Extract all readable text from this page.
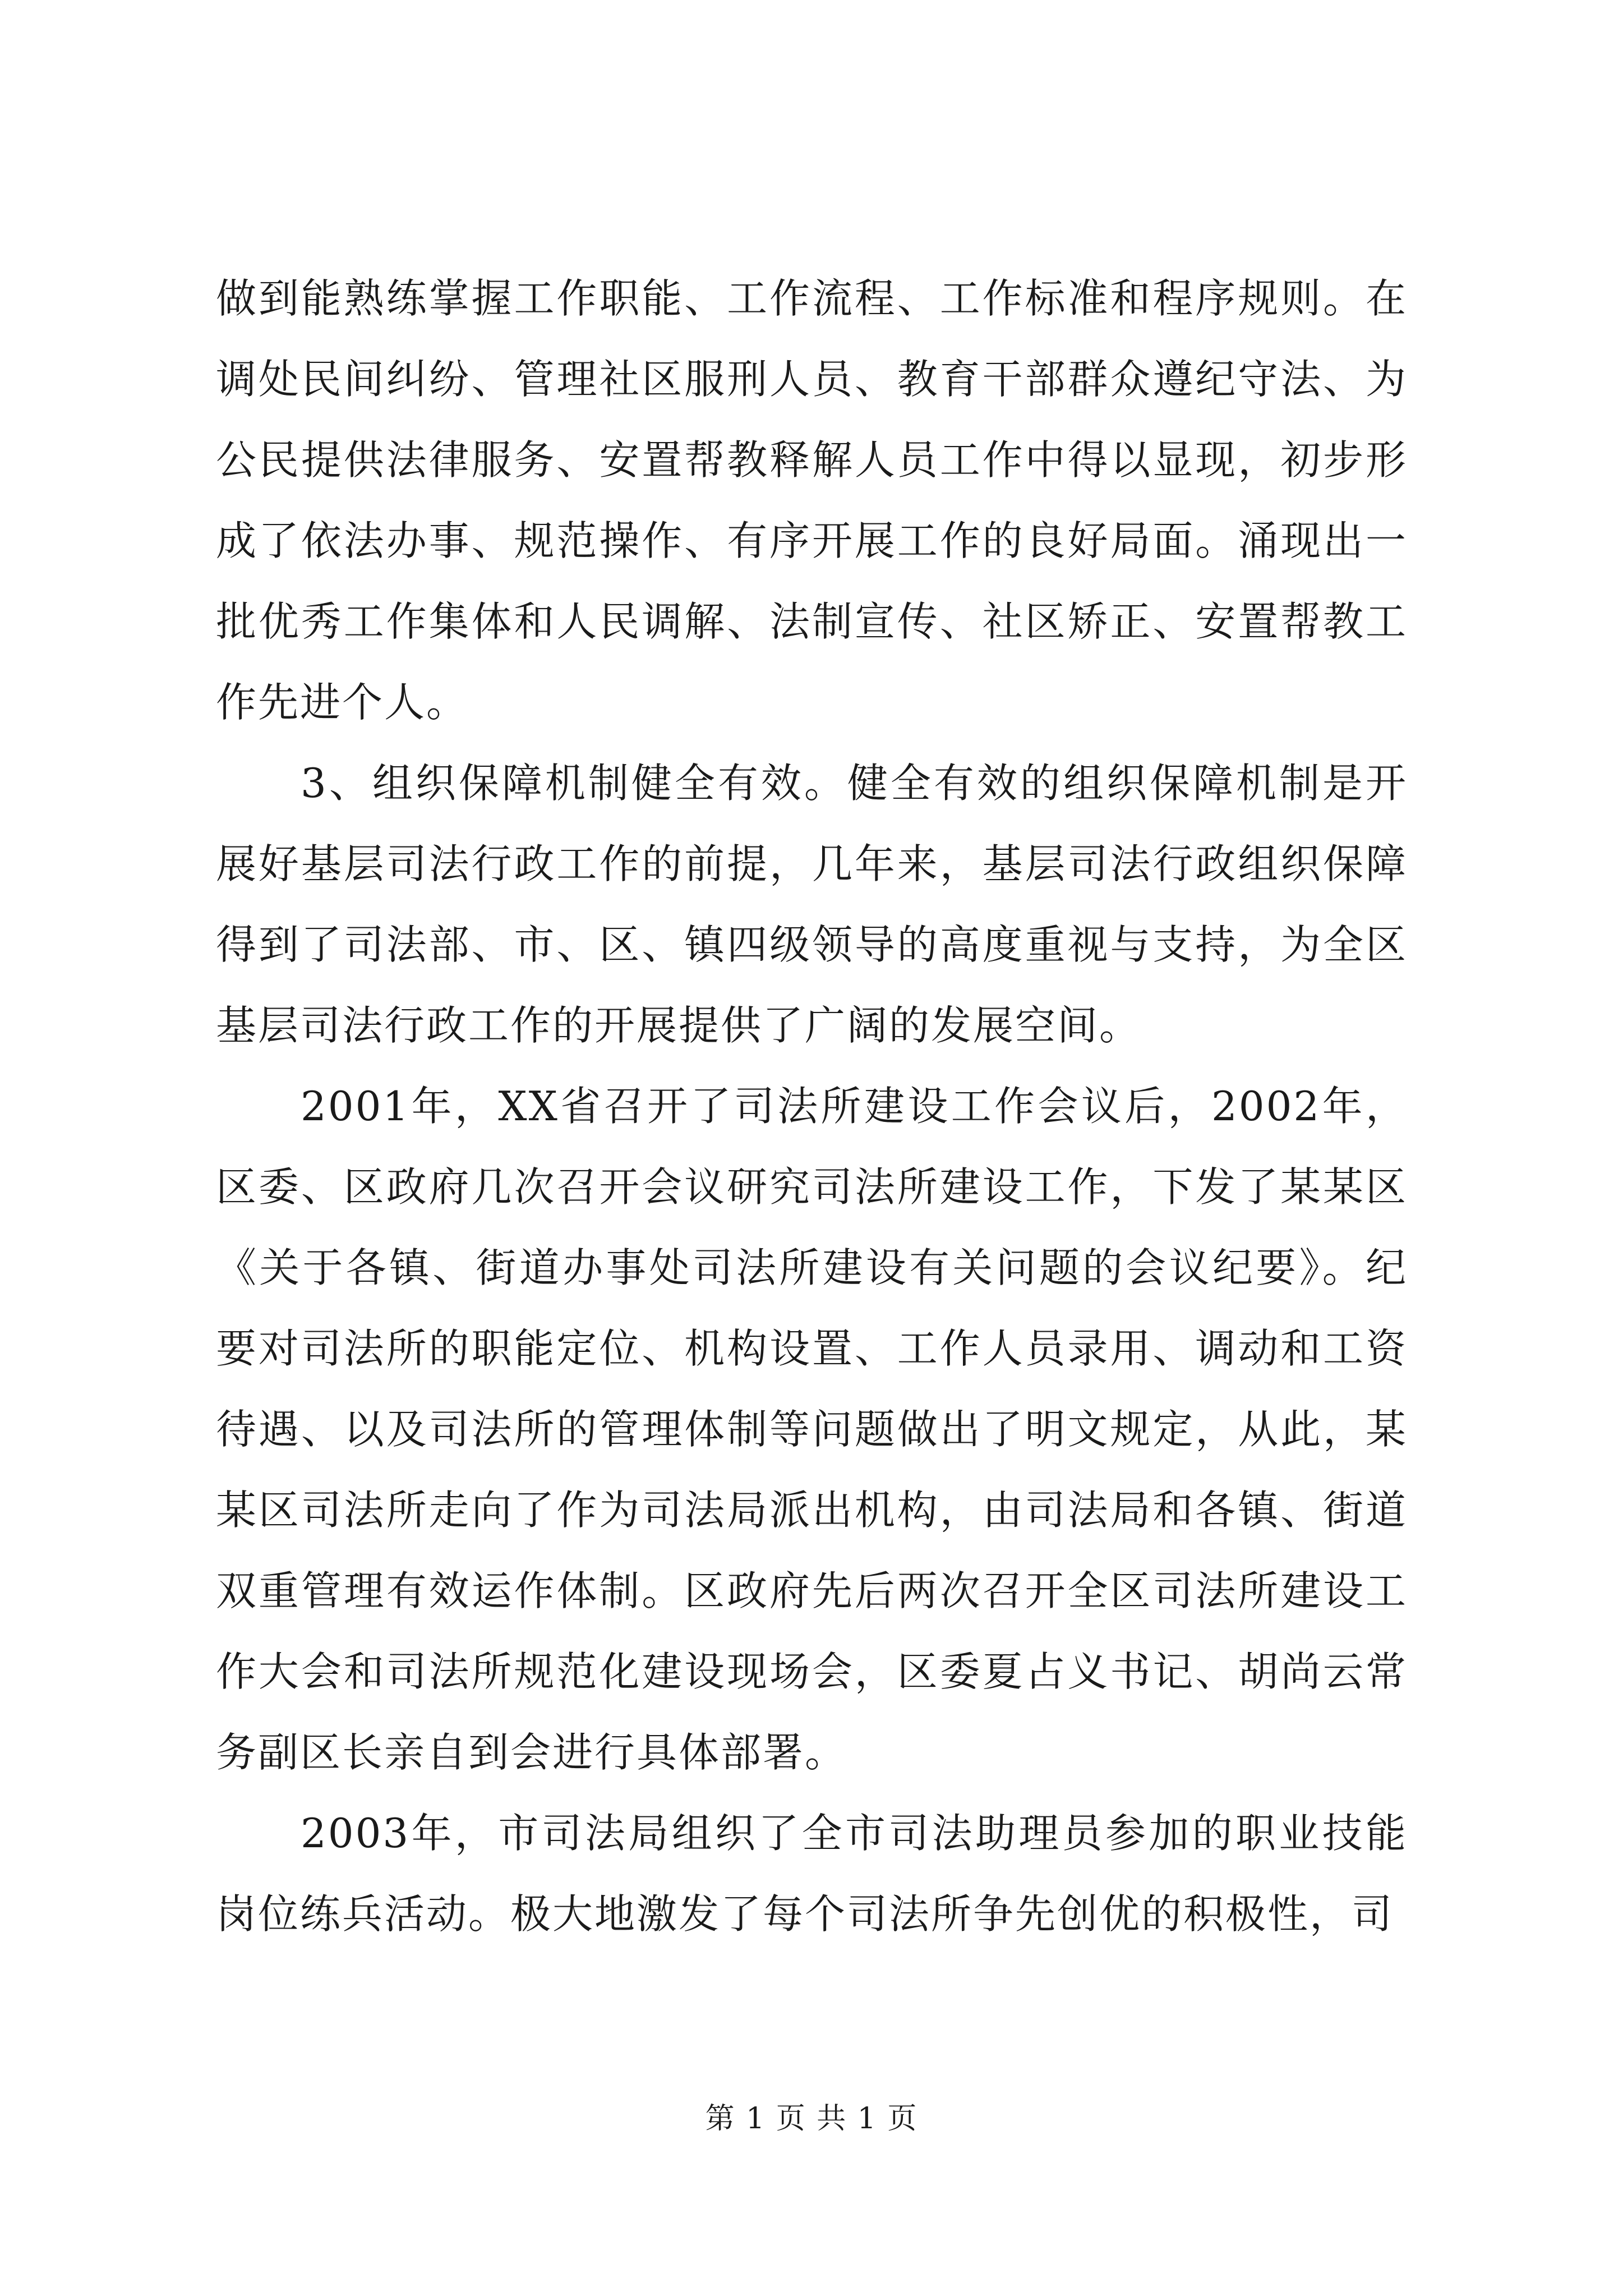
做到能熟练掌握工作职能、工作流程、工作标准和程序规则。在调处民间纠纷、管理社区服刑人员、教育干部群众遵纪守法、为公民提供法律服务、安置帮教释解人员工作中得以显现，初步形成了依法办事、规范操作、有序开展工作的良好局面。涌现出一批优秀工作集体和人民调解、法制宣传、社区矫正、安置帮教工作先进个人。

3、组织保障机制健全有效。健全有效的组织保障机制是开展好基层司法行政工作的前提，几年来，基层司法行政组织保障得到了司法部、市、区、镇四级领导的高度重视与支持，为全区基层司法行政工作的开展提供了广阔的发展空间。

2001年，XX省召开了司法所建设工作会议后，2002年，区委、区政府几次召开会议研究司法所建设工作，下发了某某区《关于各镇、街道办事处司法所建设有关问题的会议纪要》。纪要对司法所的职能定位、机构设置、工作人员录用、调动和工资待遇、以及司法所的管理体制等问题做出了明文规定，从此，某某区司法所走向了作为司法局派出机构，由司法局和各镇、街道双重管理有效运作体制。区政府先后两次召开全区司法所建设工作大会和司法所规范化建设现场会，区委夏占义书记、胡尚云常务副区长亲自到会进行具体部署。

2003年，市司法局组织了全市司法助理员参加的职业技能岗位练兵活动。极大地激发了每个司法所争先创优的积极性，司

第 1 页 共 1 页
